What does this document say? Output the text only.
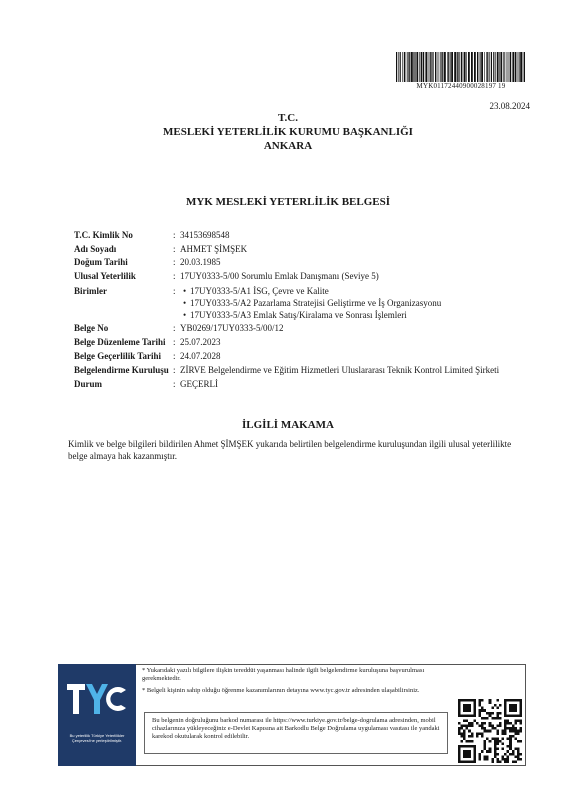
MYK01172440900028197 19
23.08.2024
T.C.
MESLEKİ YETERLİLİK KURUMU BAŞKANLIĞI
ANKARA
MYK MESLEKİ YETERLİLİK BELGESİ
T.C. Kimlik No	: 34153698548
Adı Soyadı	: AHMET ŞİMŞEK
Doğum Tarihi	: 20.03.1985
Ulusal Yeterlilik	: 17UY0333-5/00 Sorumlu Emlak Danışmanı (Seviye 5)
Birimler	: • 17UY0333-5/A1 İSG, Çevre ve Kalite
• 17UY0333-5/A2 Pazarlama Stratejisi Geliştirme ve İş Organizasyonu
• 17UY0333-5/A3 Emlak Satış/Kiralama ve Sonrası İşlemleri
Belge No	: YB0269/17UY0333-5/00/12
Belge Düzenleme Tarihi : 25.07.2023
Belge Geçerlilik Tarihi : 24.07.2028
Belgelendirme Kuruluşu : ZİRVE Belgelendirme ve Eğitim Hizmetleri Uluslararası Teknik Kontrol Limited Şirketi
Durum	: GEÇERLİ
İLGİLİ MAKAMA
Kimlik ve belge bilgileri bildirilen Ahmet ŞİMŞEK yukarıda belirtilen belgelendirme kuruluşundan ilgili ulusal yeterlilikte belge almaya hak kazanmıştır.
Bu yeterlilik Türkiye Yeterlilikler Çerçevesi'ne yerleştirilmiştir.
* Yukarıdaki yazılı bilgilere ilişkin tereddüt yaşanması halinde ilgili belgelendirme kuruluşuna başvurulması gerekmektedir.
* Belgeli kişinin sahip olduğu öğrenme kazanımlarının detayına www.tyc.gov.tr adresinden ulaşabilirsiniz.
Bu belgenin doğruluğunu barkod numarası ile https://www.turkiye.gov.tr/belge-dogrulama adresinden, mobil cihazlarınıza yükleyeceğiniz e-Devlet Kapısına ait Barkodlu Belge Doğrulama uygulaması vasıtası ile yandaki karekod okutularak kontrol edilebilir.
